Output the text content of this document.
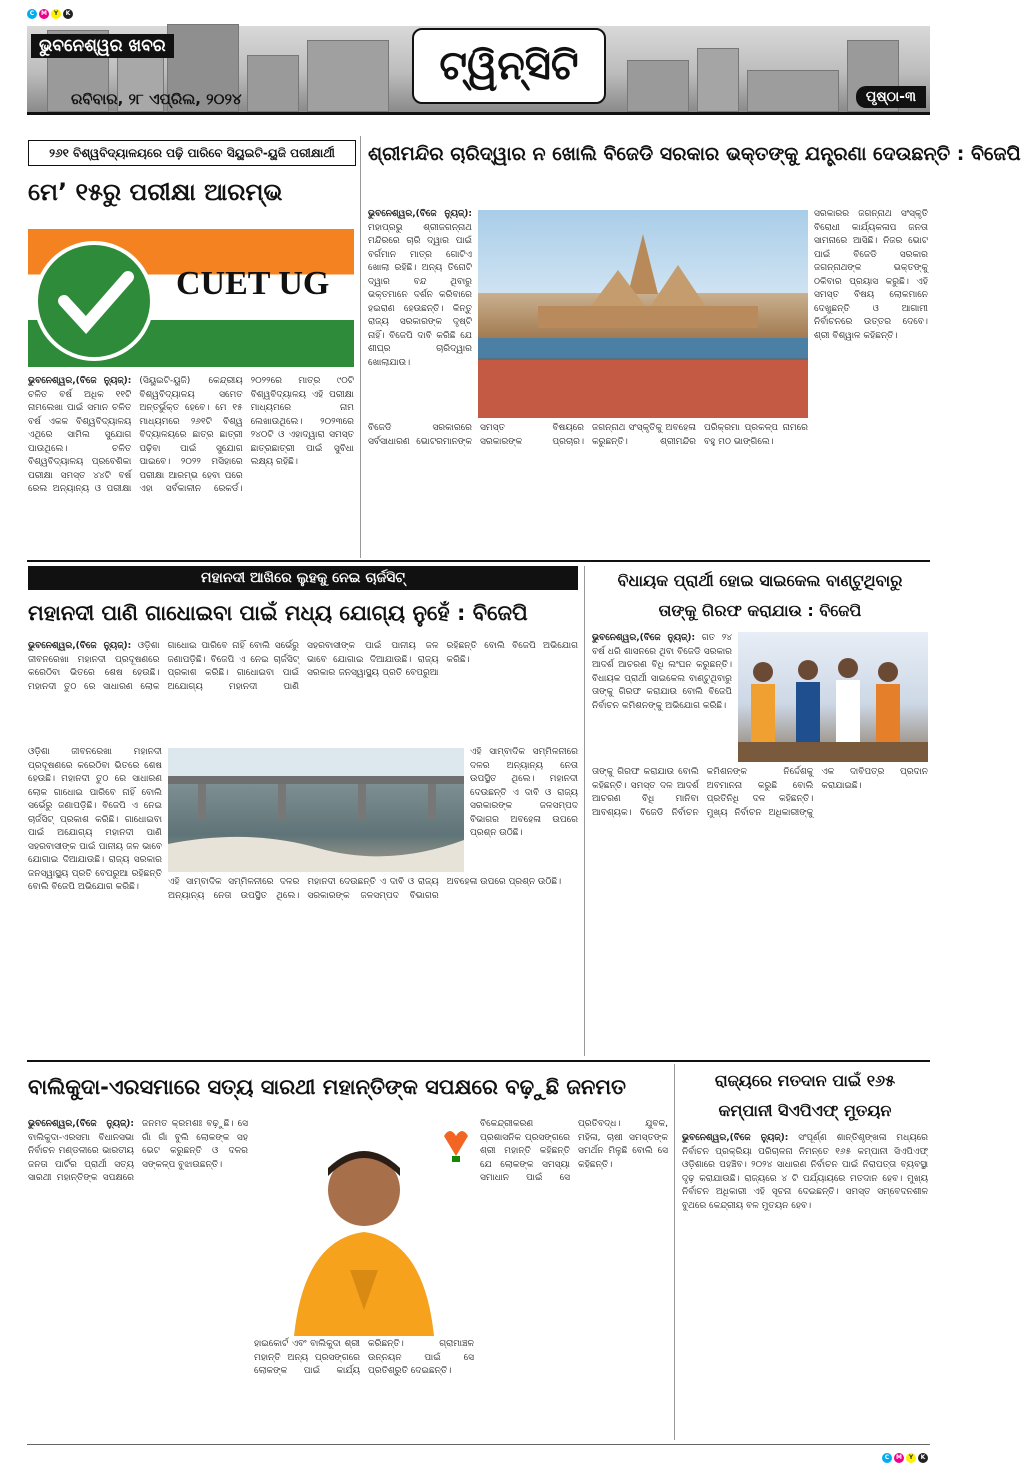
C	M	Y	K
C	M	Y	K
ଭୁବନେଶ୍ୱର ଖବର
ରବିବାର, ୨୮ ଏପ୍ରିଲ, ୨୦୨୪
ଟ୍ୱିନ୍‌ସିଟି
ପୃଷ୍ଠା-୩
୨୬୧ ବିଶ୍ୱବିଦ୍ୟାଳୟରେ ପଢ଼ି ପାରିବେ ସିୟୁଇଟି-ୟୁଜି ପରୀକ୍ଷାର୍ଥୀ
ମେ’ ୧୫ରୁ ପରୀକ୍ଷା ଆରମ୍ଭ
CUET UG
ଭୁବନେଶ୍ୱର,(ବିଜେ ନ୍ୟୁଜ୍): ଚଳିତ ବର୍ଷ ଅଧିକ ୧୧ଟି ନାମଲେଖା ପାଇଁ ସମାନ ଚଳିତ ବର୍ଷ ଏକକ ବିଶ୍ୱବିଦ୍ୟାଳୟ ଏଥିରେ ସାମିଲ ସୁଯୋଗ ପାଉଥିଲେ। ଚଳିତ ବିଶ୍ୱବିଦ୍ୟାଳୟ ପ୍ରବେଶିକା ପରୀକ୍ଷା ସମସ୍ତ ୪୪ଟି ବର୍ଷ ରେଲ ଅନ୍ୟାନ୍ୟ ଓ ପରୀକ୍ଷା (ସିୟୁଇଟି-ୟୁଜି) କେନ୍ଦ୍ରୀୟ ବିଶ୍ୱବିଦ୍ୟାଳୟ ସମେତ ଅନ୍ତର୍ଭୁକ୍ତ ହେବେ। ମେ ୧୫ ମାଧ୍ୟମରେ ୨୬୧ଟି ବିଶ୍ୱ ବିଦ୍ୟାଳୟରେ ଛାତ୍ର ଛାତ୍ରୀ ପଢ଼ିବା ପାଇଁ ସୁଯୋଗ ପାଇବେ। ୨୦୨୨ ମସିହାରେ ପରୀକ୍ଷା ଆରମ୍ଭ ହେବା ପରେ ଏହା ସର୍ବକାଳୀନ ରେକର୍ଡ। ୨୦୨୨ରେ ମାତ୍ର ୯୦ଟି ବିଶ୍ୱବିଦ୍ୟାଳୟ ଏହି ପରୀକ୍ଷା ମାଧ୍ୟମରେ ନାମ ଲେଖାଉଥିଲେ। ୨୦୨୩ରେ ୨୪୦ଟି ଓ ଏହାଦ୍ୱାରା ସମସ୍ତ ଛାତ୍ରଛାତ୍ରୀ ପାଇଁ ସୁବିଧା ଲକ୍ଷ୍ୟ ରହିଛି।
ଶ୍ରୀମନ୍ଦିର ଚାରିଦ୍ୱାର ନ ଖୋଲି ବିଜେଡି ସରକାର ଭକ୍ତଙ୍କୁ ଯନ୍ତ୍ରଣା ଦେଉଛନ୍ତି : ବିଜେପି
ଭୁବନେଶ୍ୱର,(ବିଜେ ନ୍ୟୁଜ୍): ମହାପ୍ରଭୁ ଶ୍ରୀଜଗନ୍ନାଥ ମନ୍ଦିରରେ ଚାରି ଦ୍ୱାର ପାଇଁ ବର୍ଗମାନ ମାତ୍ର ଗୋଟିଏ ଖୋଲା ରହିଛି। ଅନ୍ୟ ତିନୋଟି ଦ୍ୱାର ବନ୍ଦ ଥିବାରୁ ଭକ୍ତମାନେ ଦର୍ଶନ କରିବାରେ ହଇରାଣ ହେଉଛନ୍ତି। କିନ୍ତୁ ରାଜ୍ୟ ସରକାରଙ୍କ ଦୃଷ୍ଟି ନାହିଁ। ବିଜେପି ଦାବି କରିଛି ଯେ ଶୀଘ୍ର ଚାରିଦ୍ୱାର ଖୋଲାଯାଉ।
ସରକାରର ଜଗନ୍ନାଥ ସଂସ୍କୃତି ବିରୋଧୀ କାର୍ଯ୍ୟକଳାପ ଜନତା ସାମନାରେ ଆସିଛି। ନିଜର ଭୋଟ ପାଇଁ ବିଜେଡି ସରକାର ଜଗନ୍ନାଥଙ୍କ ଭକ୍ତଙ୍କୁ ଠକିବାର ପ୍ରୟାସ କରୁଛି। ଏହି ସମସ୍ତ ବିଷୟ ଲୋକମାନେ ଦେଖୁଛନ୍ତି ଓ ଆଗାମୀ ନିର୍ବାଚନରେ ଉତ୍ତର ଦେବେ। ଶ୍ରୀ ବିଶ୍ୱାଳ କହିଛନ୍ତି।
ବିଜେଡି ସରକାରରେ ସର୍ବସାଧାରଣ ଭୋଟରମାନଙ୍କ ସମସ୍ତ ବିଷୟରେ ସରକାରଙ୍କ ପ୍ରଚାର। ଜଗନ୍ନାଥ ସଂସ୍କୃତିକୁ ଅବହେଳା କରୁଛନ୍ତି। ଶ୍ରୀମନ୍ଦିର ପରିକ୍ରମା ପ୍ରକଳ୍ପ ନାମରେ ବହୁ ମଠ ଭାଙ୍ଗିଲେ।
ମହାନଦୀ ଆଖିରେ ଲୁହକୁ ନେଇ ଚାର୍ଜସିଟ୍
ମହାନଦୀ ପାଣି ଗାଧୋଇବା ପାଇଁ ମଧ୍ୟ ଯୋଗ୍ୟ ନୁହେଁ : ବିଜେପି
ଭୁବନେଶ୍ୱର,(ବିଜେ ନ୍ୟୁଜ୍): ଓଡ଼ିଶା ଜୀବନରେଖା ମହାନଦୀ ପ୍ରଦୂଷଣରେ କରେଠିବା ଭିତରେ ଶେଷ ହେଉଛି। ମହାନଦୀ ତୁଠ ରେ ସାଧାରଣ ଲୋକ ଗାଧୋଇ ପାରିବେ ନାହିଁ ବୋଲି ସର୍ଭେରୁ ଜଣାପଡ଼ିଛି। ବିଜେପି ଏ ନେଇ ଚାର୍ଜସିଟ୍ ପ୍ରକାଶ କରିଛି। ଗାଧୋଇବା ପାଇଁ ଅଯୋଗ୍ୟ ମହାନଦୀ ପାଣି ସହରବାସୀଙ୍କ ପାଇଁ ପାନୀୟ ଜଳ ଭାବେ ଯୋଗାଇ ଦିଆଯାଉଛି। ରାଜ୍ୟ ସରକାର ଜନସ୍ୱାସ୍ଥ୍ୟ ପ୍ରତି ବେପରୁଆ ରହିଛନ୍ତି ବୋଲି ବିଜେପି ଅଭିଯୋଗ କରିଛି।
ଓଡ଼ିଶା ଜୀବନରେଖା ମହାନଦୀ ପ୍ରଦୂଷଣରେ କରେଠିବା ଭିତରେ ଶେଷ ହେଉଛି। ମହାନଦୀ ତୁଠ ରେ ସାଧାରଣ ଲୋକ ଗାଧୋଇ ପାରିବେ ନାହିଁ ବୋଲି ସର୍ଭେରୁ ଜଣାପଡ଼ିଛି। ବିଜେପି ଏ ନେଇ ଚାର୍ଜସିଟ୍ ପ୍ରକାଶ କରିଛି। ଗାଧୋଇବା ପାଇଁ ଅଯୋଗ୍ୟ ମହାନଦୀ ପାଣି ସହରବାସୀଙ୍କ ପାଇଁ ପାନୀୟ ଜଳ ଭାବେ ଯୋଗାଇ ଦିଆଯାଉଛି। ରାଜ୍ୟ ସରକାର ଜନସ୍ୱାସ୍ଥ୍ୟ ପ୍ରତି ବେପରୁଆ ରହିଛନ୍ତି ବୋଲି ବିଜେପି ଅଭିଯୋଗ କରିଛି।	ଏହି ସାମ୍ବାଦିକ ସମ୍ମିଳନୀରେ ଦଳର ଅନ୍ୟାନ୍ୟ ନେତା ଉପସ୍ଥିତ ଥିଲେ। ମହାନଦୀ ଦେଉଛନ୍ତି ଏ ଦାବି ଓ ରାଜ୍ୟ ସରକାରଙ୍କ ଜଳସମ୍ପଦ ବିଭାଗର ଅବହେଳା ଉପରେ ପ୍ରଶ୍ନ ଉଠିଛି।
ଏହି ସାମ୍ବାଦିକ ସମ୍ମିଳନୀରେ ଦଳର ଅନ୍ୟାନ୍ୟ ନେତା ଉପସ୍ଥିତ ଥିଲେ। ମହାନଦୀ ଦେଉଛନ୍ତି ଏ ଦାବି ଓ ରାଜ୍ୟ ସରକାରଙ୍କ ଜଳସମ୍ପଦ ବିଭାଗର ଅବହେଳା ଉପରେ ପ୍ରଶ୍ନ ଉଠିଛି।
ବିଧାୟକ ପ୍ରାର୍ଥୀ ହୋଇ ସାଇକେଲ ବାଣ୍ଟୁଥିବାରୁ
ତାଙ୍କୁ ଗିରଫ କରାଯାଉ : ବିଜେପି
ଭୁବନେଶ୍ୱର,(ବିଜେ ନ୍ୟୁଜ୍): ଗତ ୨୪ ବର୍ଷ ଧରି ଶାସନରେ ଥିବା ବିଜେଡି ସରକାର ଆଦର୍ଶ ଆଚରଣ ବିଧି ଲଂଘନ କରୁଛନ୍ତି। ବିଧାୟକ ପ୍ରାର୍ଥୀ ସାଇକେଲ ବାଣ୍ଟୁଥିବାରୁ ତାଙ୍କୁ ଗିରଫ କରାଯାଉ ବୋଲି ବିଜେପି ନିର୍ବାଚନ କମିଶନଙ୍କୁ ଅଭିଯୋଗ କରିଛି।
ତାଙ୍କୁ ଗିରଫ କରାଯାଉ ବୋଲି କହିଛନ୍ତି। ସମସ୍ତ ଦଳ ଆଦର୍ଶ ଆଚରଣ ବିଧି ମାନିବା ଆବଶ୍ୟକ। ବିଜେଡି ନିର୍ବାଚନ କମିଶନଙ୍କ ନିର୍ଦ୍ଦେଶକୁ ଅବମାନନା କରୁଛି ବୋଲି ପ୍ରତିନିଧି ଦଳ କହିଛନ୍ତି। ମୁଖ୍ୟ ନିର୍ବାଚନ ଅଧିକାରୀଙ୍କୁ ଏକ ଦାବିପତ୍ର ପ୍ରଦାନ କରାଯାଇଛି।
ବାଲିକୁଦା-ଏରସମାରେ ସତ୍ୟ ସାରଥୀ ମହାନ୍ତିଙ୍କ ସପକ୍ଷରେ ବଢ଼ୁଛି ଜନମତ
ଭୁବନେଶ୍ୱର,(ବିଜେ ନ୍ୟୁଜ୍): ବାଲିକୁଦା-ଏରସମା ବିଧାନସଭା ନିର୍ବାଚନ ମଣ୍ଡଳୀରେ ଭାରତୀୟ ଜନତା ପାର୍ଟିର ପ୍ରାର୍ଥୀ ସତ୍ୟ ସାରଥୀ ମହାନ୍ତିଙ୍କ ସପକ୍ଷରେ ଜନମତ କ୍ରମଶଃ ବଢ଼ୁଛି। ସେ ଗାଁ ଗାଁ ବୁଲି ଲୋକଙ୍କ ସହ ଭେଟ କରୁଛନ୍ତି ଓ ଦଳର ସଙ୍କଳ୍ପ ବୁଝାଉଛନ୍ତି।
ହାଇକୋର୍ଟ ଏବଂ ବାଲିକୁଦା ଶ୍ରୀ ମହାନ୍ତି ଅନ୍ୟ ପ୍ରସଙ୍ଗରେ ଲୋକଙ୍କ ପାଇଁ କାର୍ଯ୍ୟ କରିଛନ୍ତି। ଗ୍ରାମାଞ୍ଚଳ ଉନ୍ନୟନ ପାଇଁ ସେ ପ୍ରତିଶ୍ରୁତି ଦେଇଛନ୍ତି।
ବିକେନ୍ଦ୍ରୀକରଣ ପ୍ରଶାସନିକ ପ୍ରସଙ୍ଗରେ ଶ୍ରୀ ମହାନ୍ତି କହିଛନ୍ତି ଯେ ଲୋକଙ୍କ ସମସ୍ୟା ସମାଧାନ ପାଇଁ ସେ ପ୍ରତିବଦ୍ଧ। ଯୁବକ, ମହିଳା, ଚାଷୀ ସମସ୍ତଙ୍କ ସମର୍ଥନ ମିଳୁଛି ବୋଲି ସେ କହିଛନ୍ତି।
ରାଜ୍ୟରେ ମତଦାନ ପାଇଁ ୧୬୫
କମ୍ପାନୀ ସିଏପିଏଫ୍ ମୁତୟନ
ଭୁବନେଶ୍ୱର,(ବିଜେ ନ୍ୟୁଜ୍): ସଂପୂର୍ଣ୍ଣ ଶାନ୍ତିଶୃଙ୍ଖଳା ମଧ୍ୟରେ ନିର୍ବାଚନ ପ୍ରକ୍ରିୟା ପରିଚାଳନା ନିମନ୍ତେ ୧୬୫ କମ୍ପାନୀ ସିଏପିଏଫ୍ ଓଡ଼ିଶାରେ ପହଞ୍ଚିବ। ୨୦୨୪ ସାଧାରଣ ନିର୍ବାଚନ ପାଇଁ ନିରାପତ୍ତା ବ୍ୟବସ୍ଥା ଦୃଢ଼ କରାଯାଉଛି। ରାଜ୍ୟରେ ୪ ଟି ପର୍ଯ୍ୟାୟରେ ମତଦାନ ହେବ। ମୁଖ୍ୟ ନିର୍ବାଚନ ଅଧିକାରୀ ଏହି ସୂଚନା ଦେଇଛନ୍ତି। ସମସ୍ତ ସମ୍ବେଦନଶୀଳ ବୁଥରେ କେନ୍ଦ୍ରୀୟ ବଳ ମୁତୟନ ହେବ।
